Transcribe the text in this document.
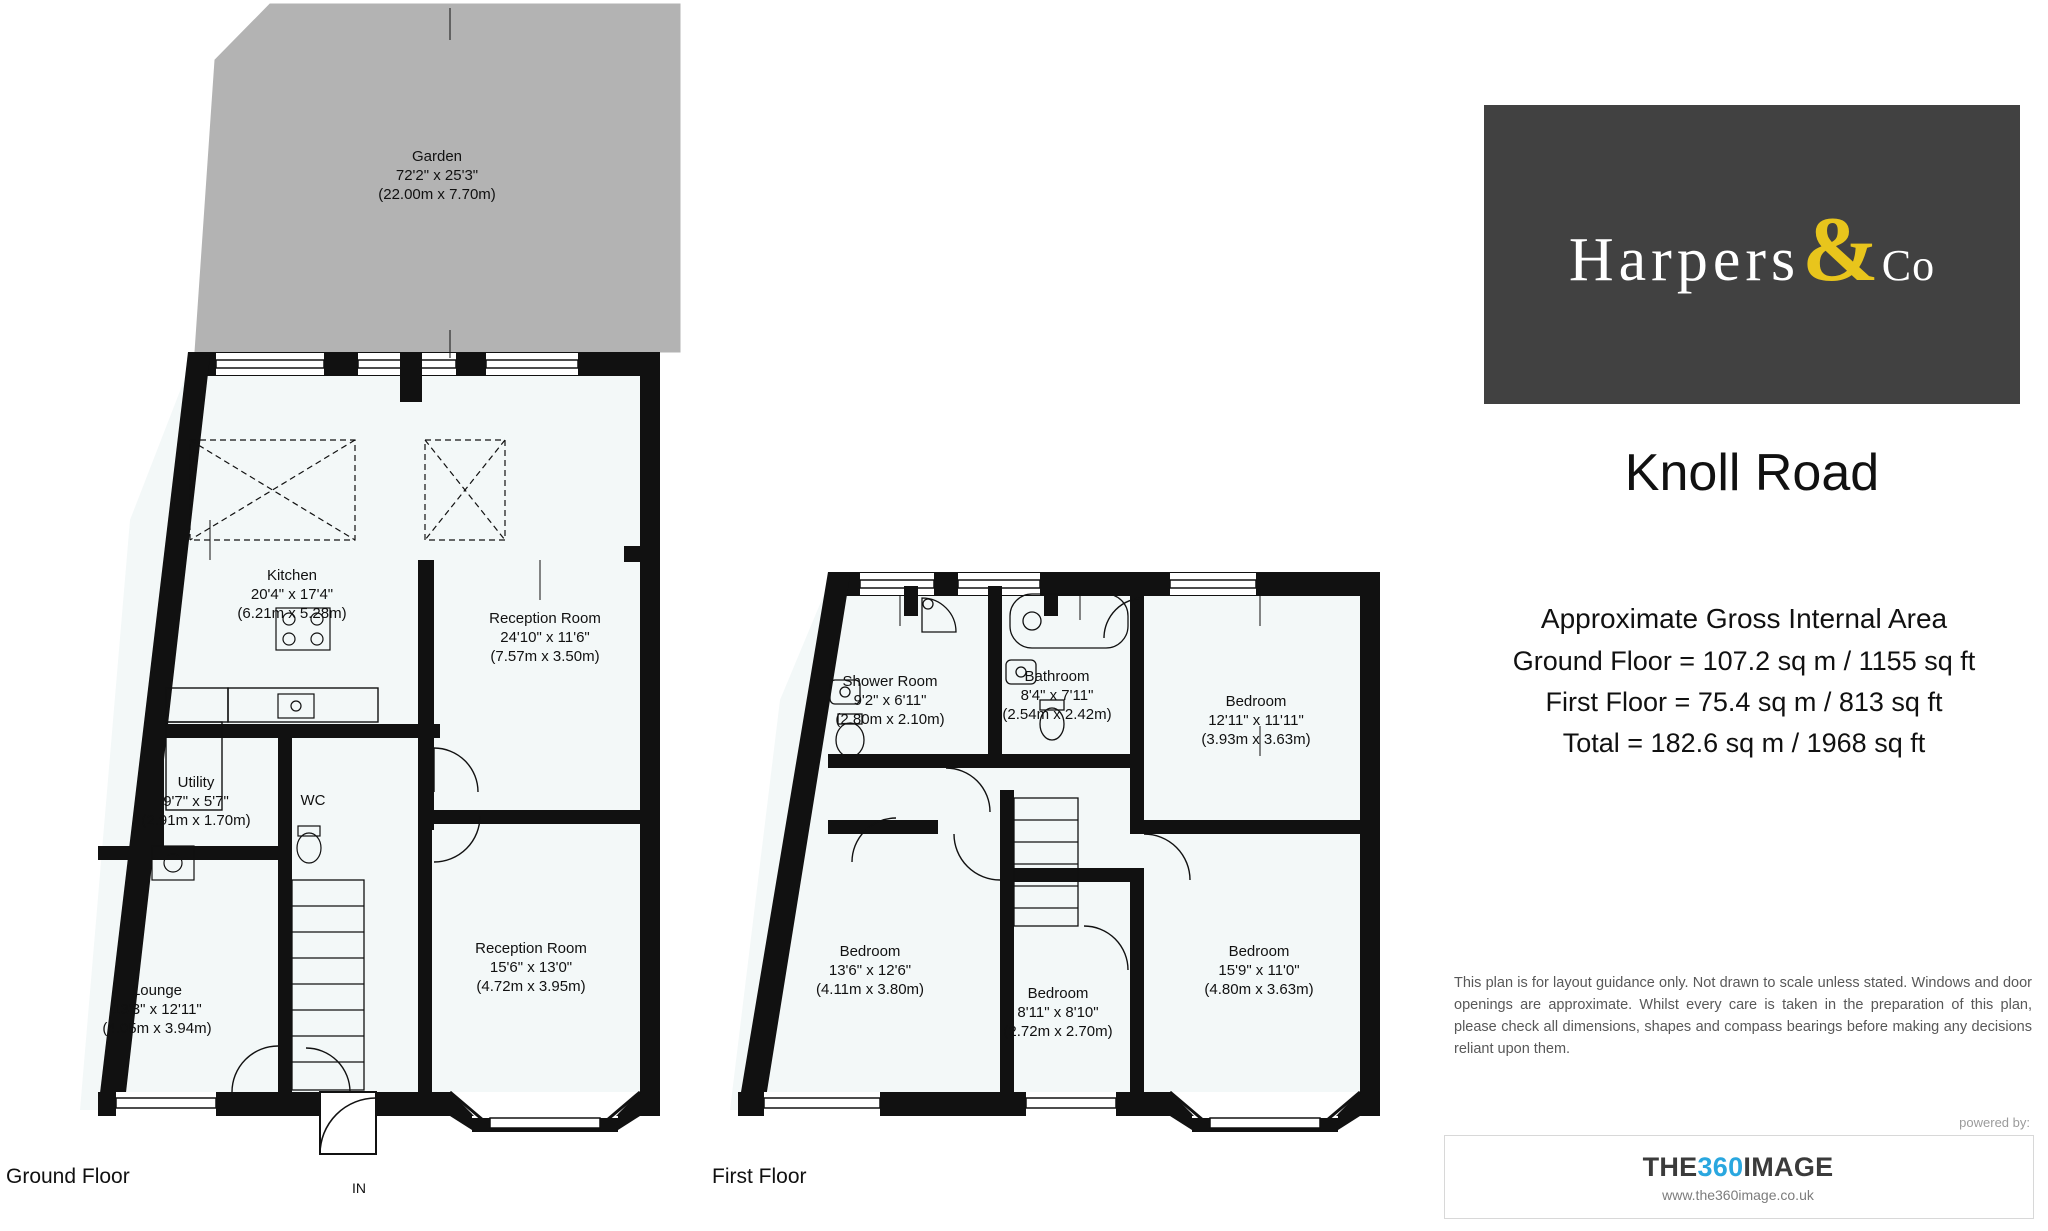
Garden
72'2" x 25'3"
(22.00m x 7.70m)
Kitchen
20'4" x 17'4"
(6.21m x 5.28m)	Reception Room
24'10" x 11'6"
(7.57m x 3.50m)
Utility
9'7" x 5'7"
(2.91m x 1.70m)
WC
Reception Room
15'6" x 13'0"
(4.72m x 3.95m)
Lounge
13'3" x 12'11"
(4.05m x 3.94m)
Ground Floor	IN
Shower Room
9'2" x 6'11"
(2.80m x 2.10m)
Bathroom
8'4" x 7'11"
(2.54m x 2.42m)
Bedroom
12'11" x 11'11"
(3.93m x 3.63m)
Bedroom
13'6" x 12'6"
(4.11m x 3.80m)	Bedroom
8'11" x 8'10"
(2.72m x 2.70m)
Bedroom
15'9" x 11'0"
(4.80m x 3.63m)
First Floor
Harpers & Co
Knoll Road
Approximate Gross Internal Area
Ground Floor = 107.2 sq m / 1155 sq ft
First Floor = 75.4 sq m / 813 sq ft
Total = 182.6 sq m / 1968 sq ft
This plan is for layout guidance only. Not drawn to scale unless stated. Windows and door openings are approximate. Whilst every care is taken in the preparation of this plan, please check all dimensions, shapes and compass bearings before making any decisions reliant upon them.
powered by:
THE360IMAGE
www.the360image.co.uk
